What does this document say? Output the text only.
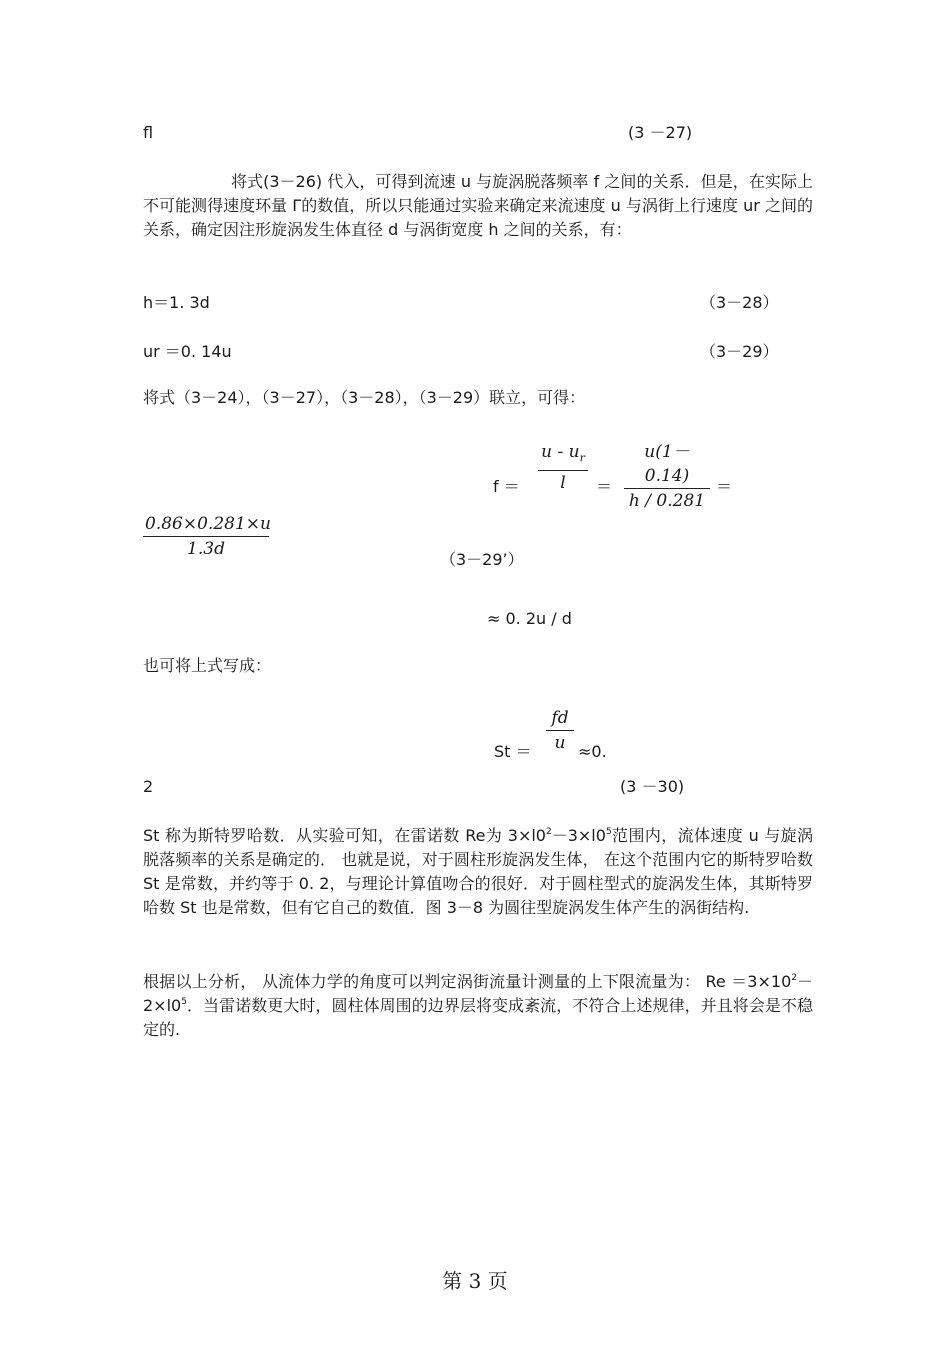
fl	(3 －27)
将式(3－26) 代入，可得到流速 u 与旋涡脱落频率 f 之间的关系．但是，在实际上不可能测得速度环量 Γ的数值，所以只能通过实验来确定来流速度 u 与涡街上行速度 ur 之间的关系，确定因注形旋涡发生体直径 d 与涡街宽度 h 之间的关系，有：
h＝1. 3d	（3－28）
ur ＝0. 14u	（3－29）
将式（3－24），（3－27），（3－28），（3－29）联立，可得：
f ＝
u - $u_r$
l	＝
u(1－0.14)
h / 0.281
＝
0.86×0.281×u
1.3d
（3－29’）
≈ 0. 2u / d
也可将上式写成：
fd
u
St ＝	≈0.
2	(3 －30)
St 称为斯特罗哈数．从实验可知，在雷诺数 Re为 $3\times l0^2-3\times l0^5$范围内，流体速度 u 与旋涡脱落频率的关系是确定的． 也就是说，对于圆柱形旋涡发生体， 在这个范围内它的斯特罗哈数 St 是常数，并约等于 0. 2，与理论计算值吻合的很好．对于圆柱型式的旋涡发生体，其斯特罗哈数 St 也是常数，但有它自己的数值．图 3－8 为圆往型旋涡发生体产生的涡街结构.
根据以上分析， 从流体力学的角度可以判定涡街流量计测量的上下限流量为： $Re =3\times 10^2-2\times l0^5$．当雷诺数更大时，圆柱体周围的边界层将变成紊流，不符合上述规律，并且将会是不稳定的.
第 3 页
